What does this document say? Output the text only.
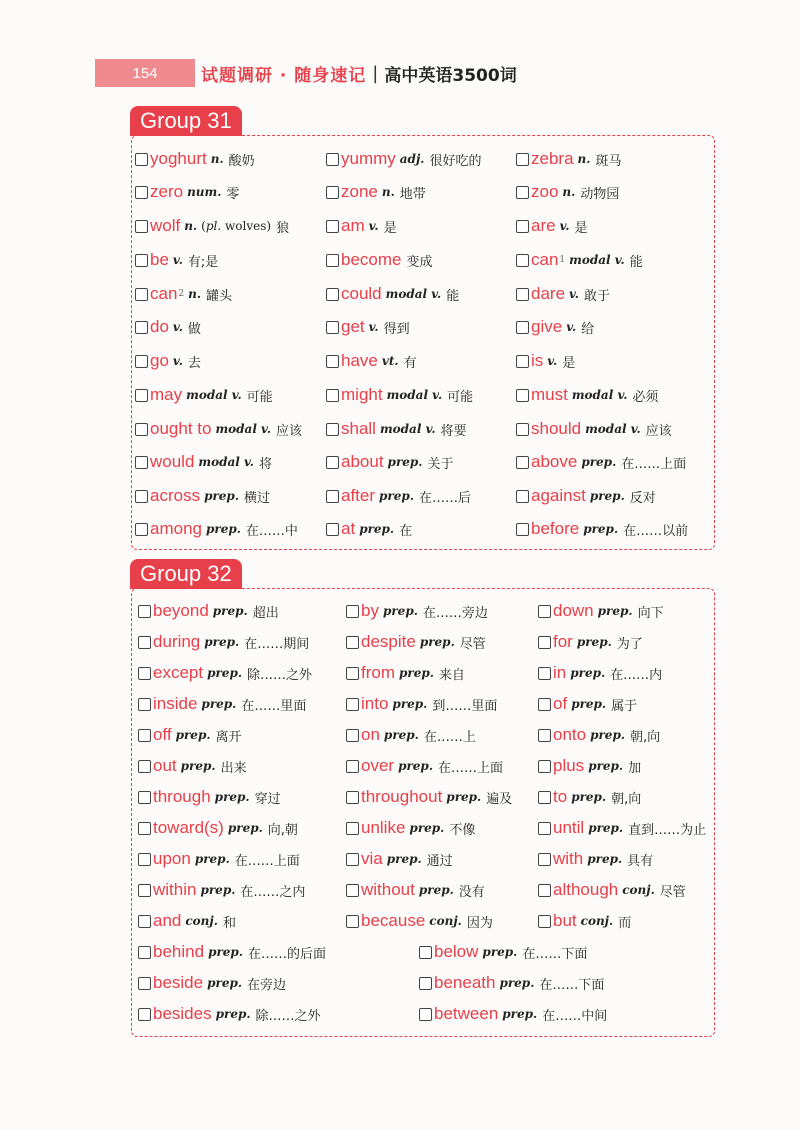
154	试题调研 · 随身速记 | 高中英语3500词
Group 31
yoghurt n. 酸奶	yummy adj. 很好吃的	zebra n. 斑马
zero num. 零	zone n. 地带	zoo n. 动物园
wolf n. (pl. wolves) 狼	am v. 是	are v. 是
be v. 有;是	become 变成	can 1 modal v. 能
can 2 n. 罐头	could modal v. 能	dare v. 敢于
do v. 做	get v. 得到	give v. 给
go v. 去	have vt. 有	is v. 是
may modal v. 可能	might modal v. 可能	must modal v. 必须
ought to modal v. 应该 shall modal v. 将要	should modal v. 应该
would modal v. 将	about prep. 关于	above prep. 在……上面
across prep. 横过	after prep. 在……后	against prep. 反对
among prep. 在……中	at prep. 在	before prep. 在……以前
Group 32
beyond prep. 超出	by prep. 在……旁边	down prep. 向下
during prep. 在……期间	despite prep. 尽管	for prep. 为了
except prep. 除……之外	from prep. 来自	in prep. 在……内
inside prep. 在……里面	into prep. 到……里面	of prep. 属于
off prep. 离开	on prep. 在……上	onto prep. 朝,向
out prep. 出来	over prep. 在……上面	plus prep. 加
through prep. 穿过	throughout prep. 遍及 to prep. 朝,向
toward(s) prep. 向,朝	unlike prep. 不像	until prep. 直到……为止
upon prep. 在……上面	via prep. 通过	with prep. 具有
within prep. 在……之内	without prep. 没有	although conj. 尽管
and conj. 和	because conj. 因为	but conj. 而
behind prep. 在……的后面	below prep. 在……下面
beside prep. 在旁边	beneath prep. 在……下面
besides prep. 除……之外	between prep. 在……中间
